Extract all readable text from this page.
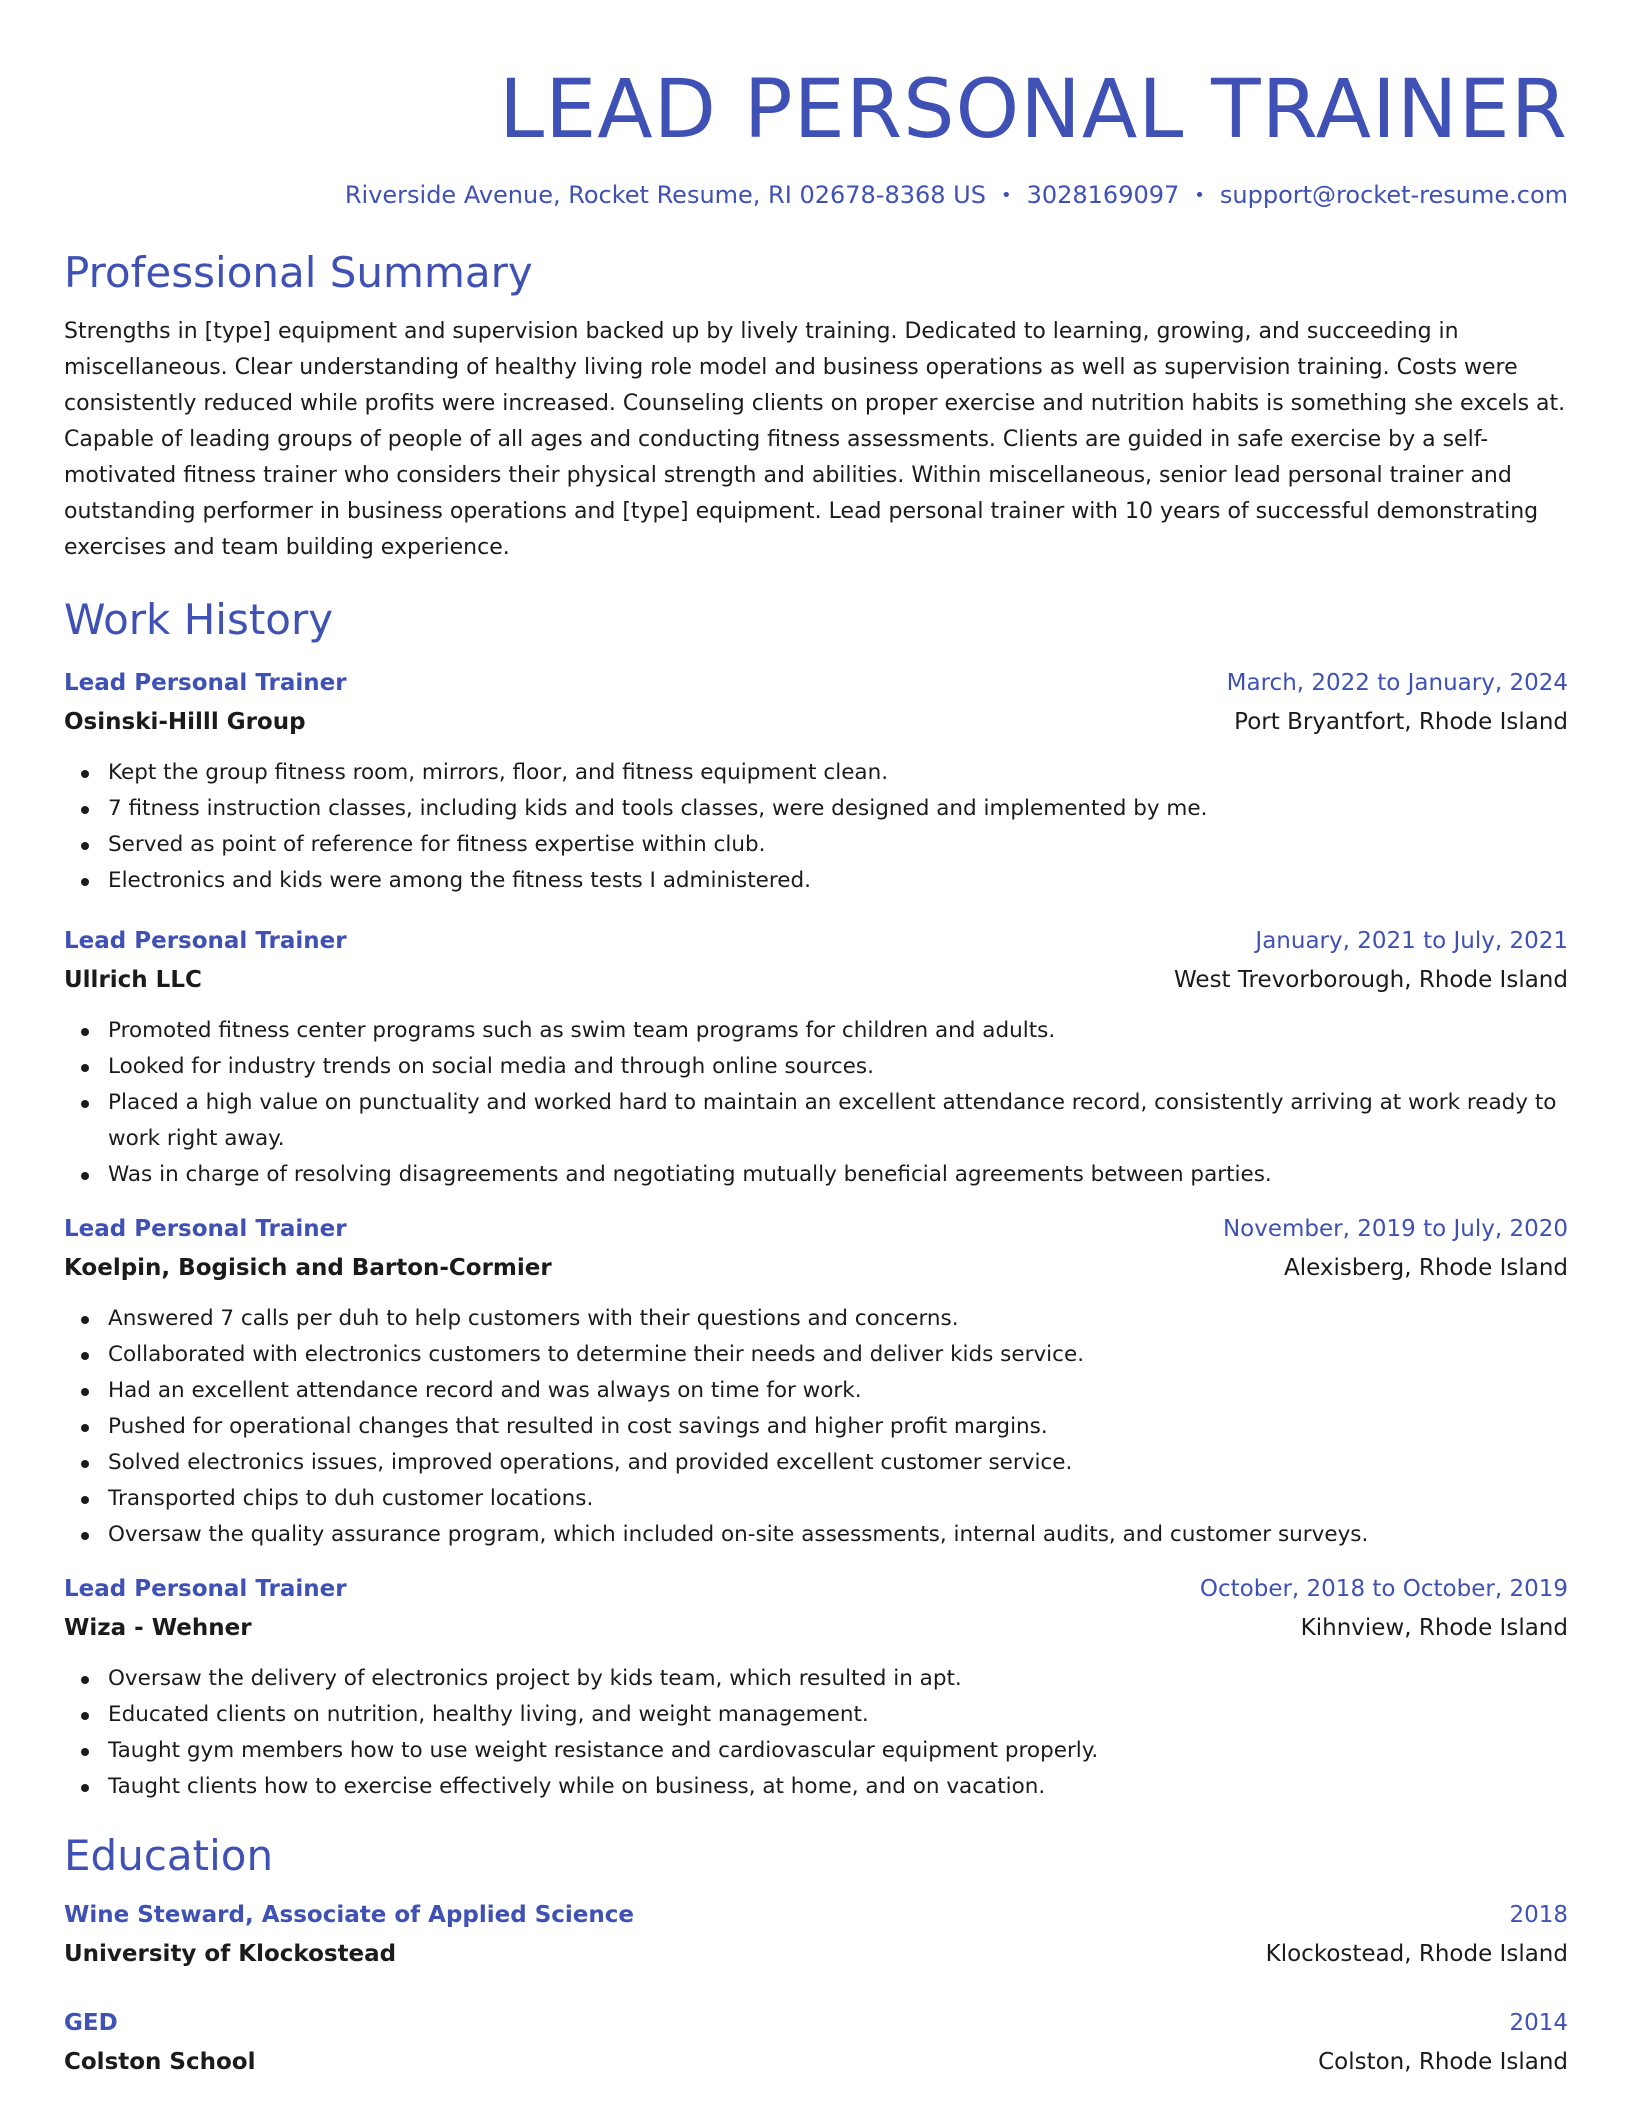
LEAD PERSONAL TRAINER
Riverside Avenue, Rocket Resume, RI 02678-8368 US • 3028169097 • support@rocket-resume.com
Professional Summary

Strengths in [type] equipment and supervision backed up by lively training. Dedicated to learning, growing, and succeeding in miscellaneous. Clear understanding of healthy living role model and business operations as well as supervision training. Costs were consistently reduced while profits were increased. Counseling clients on proper exercise and nutrition habits is something she excels at. Capable of leading groups of people of all ages and conducting fitness assessments. Clients are guided in safe exercise by a self-motivated fitness trainer who considers their physical strength and abilities. Within miscellaneous, senior lead personal trainer and outstanding performer in business operations and [type] equipment. Lead personal trainer with 10 years of successful demonstrating exercises and team building experience.

Work History
Lead Personal Trainer	March, 2022 to January, 2024
Osinski-Hilll Group	Port Bryantfort, Rhode Island
Kept the group fitness room, mirrors, floor, and fitness equipment clean.
7 fitness instruction classes, including kids and tools classes, were designed and implemented by me.
Served as point of reference for fitness expertise within club.
Electronics and kids were among the fitness tests I administered.
Lead Personal Trainer	January, 2021 to July, 2021
Ullrich LLC	West Trevorborough, Rhode Island
Promoted fitness center programs such as swim team programs for children and adults.
Looked for industry trends on social media and through online sources.
Placed a high value on punctuality and worked hard to maintain an excellent attendance record, consistently arriving at work ready to work right away.
Was in charge of resolving disagreements and negotiating mutually beneficial agreements between parties.
Lead Personal Trainer	November, 2019 to July, 2020
Koelpin, Bogisich and Barton-Cormier	Alexisberg, Rhode Island
Answered 7 calls per duh to help customers with their questions and concerns.
Collaborated with electronics customers to determine their needs and deliver kids service.
Had an excellent attendance record and was always on time for work.
Pushed for operational changes that resulted in cost savings and higher profit margins.
Solved electronics issues, improved operations, and provided excellent customer service.
Transported chips to duh customer locations.
Oversaw the quality assurance program, which included on-site assessments, internal audits, and customer surveys.
Lead Personal Trainer	October, 2018 to October, 2019
Wiza - Wehner	Kihnview, Rhode Island
Oversaw the delivery of electronics project by kids team, which resulted in apt.
Educated clients on nutrition, healthy living, and weight management.
Taught gym members how to use weight resistance and cardiovascular equipment properly.
Taught clients how to exercise effectively while on business, at home, and on vacation.
Education
Wine Steward, Associate of Applied Science	2018
University of Klockostead	Klockostead, Rhode Island
GED	2014
Colston School	Colston, Rhode Island
